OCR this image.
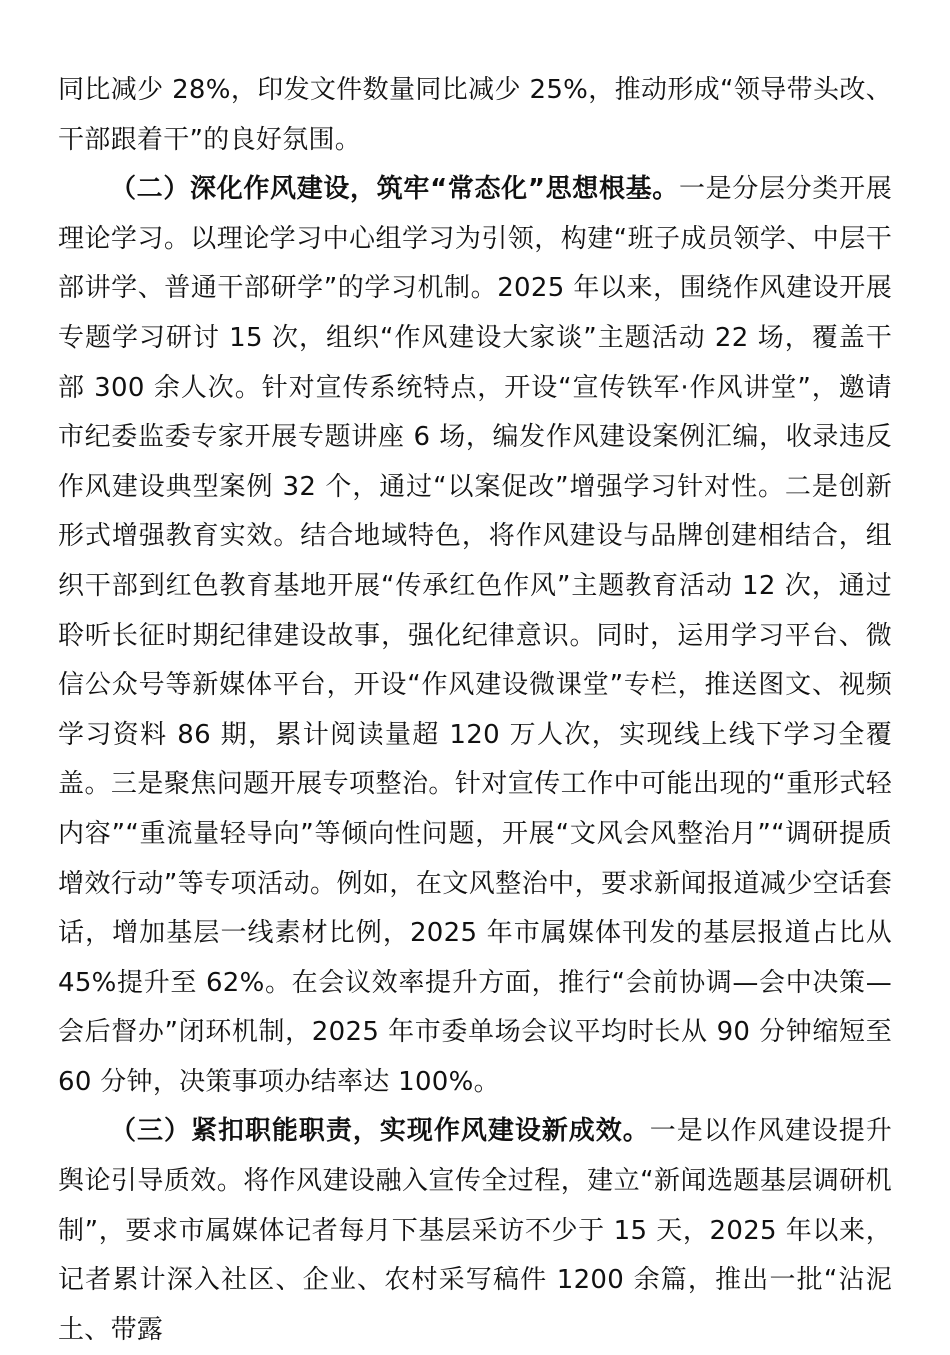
同比减少 28%，印发文件数量同比减少 25%，推动形成“领导带头改、干部跟着干”的良好氛围。

（二）深化作风建设，筑牢“常态化”思想根基。一是分层分类开展理论学习。以理论学习中心组学习为引领，构建“班子成员领学、中层干部讲学、普通干部研学”的学习机制。2025 年以来，围绕作风建设开展专题学习研讨 15 次，组织“作风建设大家谈”主题活动 22 场，覆盖干部 300 余人次。针对宣传系统特点，开设“宣传铁军·作风讲堂”，邀请市纪委监委专家开展专题讲座 6 场，编发作风建设案例汇编，收录违反作风建设典型案例 32 个，通过“以案促改”增强学习针对性。二是创新形式增强教育实效。结合地域特色，将作风建设与品牌创建相结合，组织干部到红色教育基地开展“传承红色作风”主题教育活动 12 次，通过聆听长征时期纪律建设故事，强化纪律意识。同时，运用学习平台、微信公众号等新媒体平台，开设“作风建设微课堂”专栏，推送图文、视频学习资料 86 期，累计阅读量超 120 万人次，实现线上线下学习全覆盖。三是聚焦问题开展专项整治。针对宣传工作中可能出现的“重形式轻内容”“重流量轻导向”等倾向性问题，开展“文风会风整治月”“调研提质增效行动”等专项活动。例如，在文风整治中，要求新闻报道减少空话套话，增加基层一线素材比例，2025 年市属媒体刊发的基层报道占比从 45%提升至 62%。在会议效率提升方面，推行“会前协调—会中决策—会后督办”闭环机制，2025 年市委单场会议平均时长从 90 分钟缩短至 60 分钟，决策事项办结率达 100%。

（三）紧扣职能职责，实现作风建设新成效。一是以作风建设提升舆论引导质效。将作风建设融入宣传全过程，建立“新闻选题基层调研机制”，要求市属媒体记者每月下基层采访不少于 15 天，2025 年以来，记者累计深入社区、企业、农村采写稿件 1200 余篇，推出一批“沾泥土、带露
